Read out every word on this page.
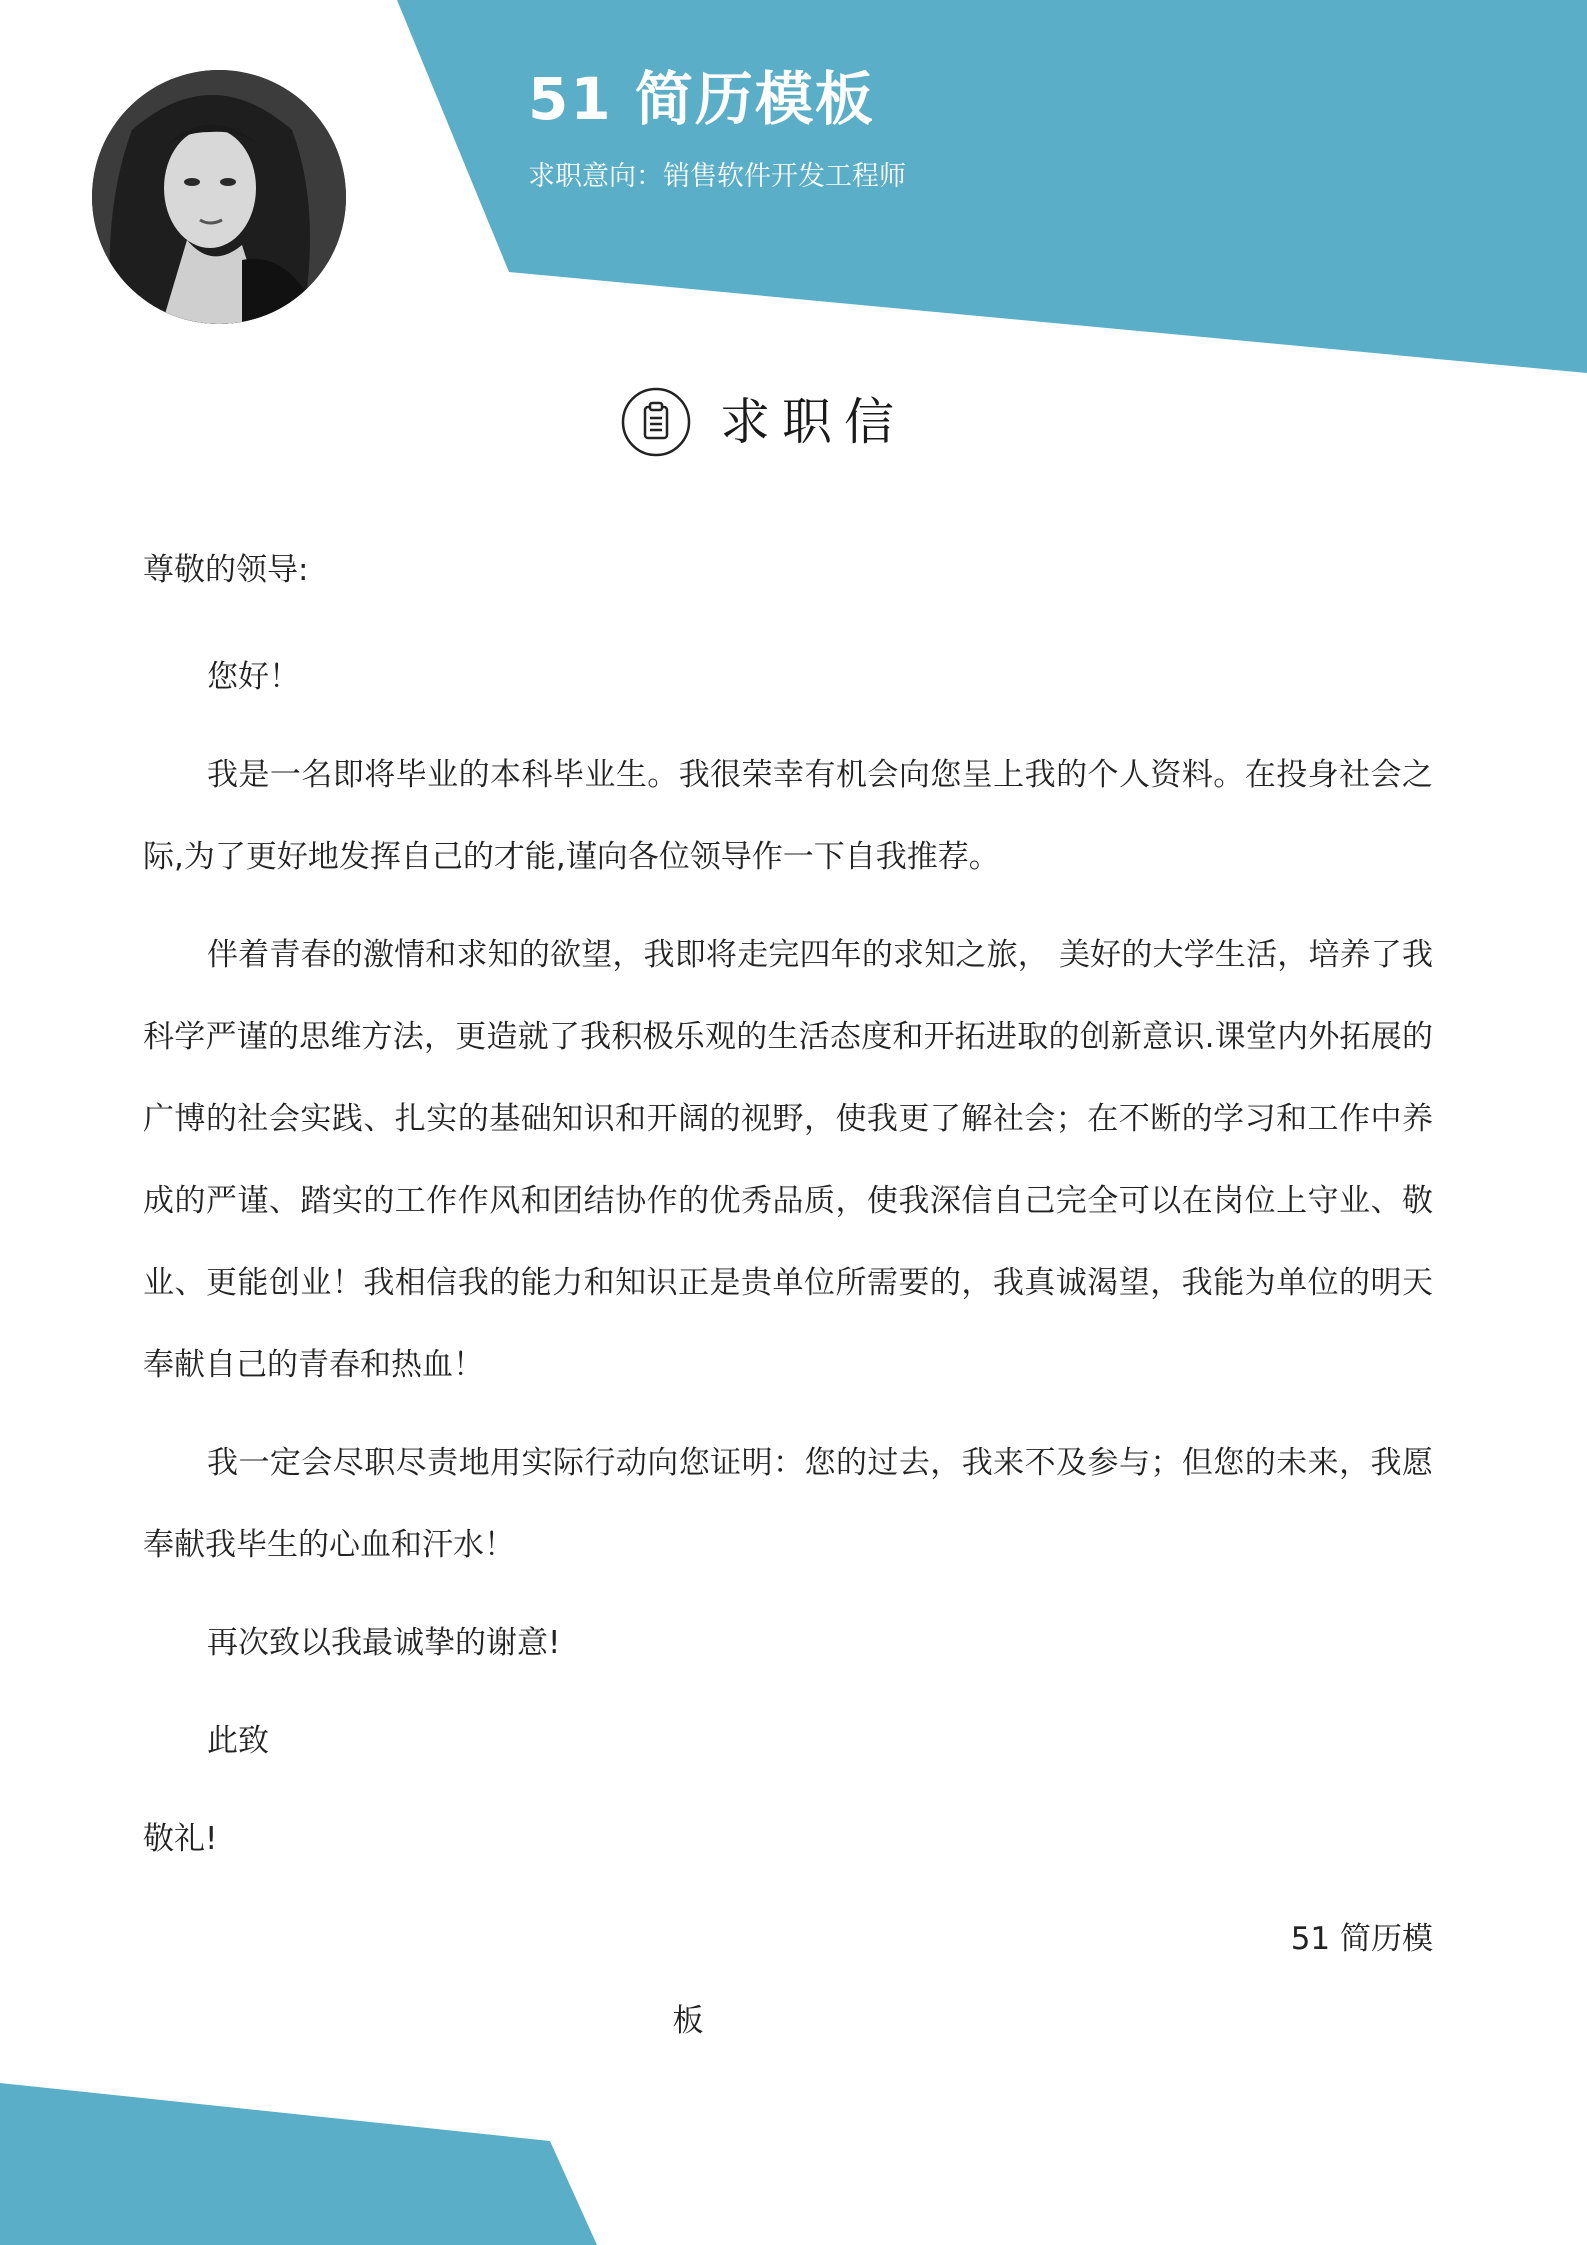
51 简历模板
求职意向：销售软件开发工程师
求职信

尊敬的领导:

您好！

我是一名即将毕业的本科毕业生。我很荣幸有机会向您呈上我的个人资料。在投身社会之际,为了更好地发挥自己的才能,谨向各位领导作一下自我推荐。

伴着青春的激情和求知的欲望，我即将走完四年的求知之旅， 美好的大学生活，培养了我科学严谨的思维方法，更造就了我积极乐观的生活态度和开拓进取的创新意识.课堂内外拓展的广博的社会实践、扎实的基础知识和开阔的视野，使我更了解社会；在不断的学习和工作中养成的严谨、踏实的工作作风和团结协作的优秀品质，使我深信自己完全可以在岗位上守业、敬业、更能创业！我相信我的能力和知识正是贵单位所需要的，我真诚渴望，我能为单位的明天奉献自己的青春和热血！

我一定会尽职尽责地用实际行动向您证明：您的过去，我来不及参与；但您的未来，我愿奉献我毕生的心血和汗水！

再次致以我最诚挚的谢意!

此致

敬礼!

51 简历模

板
